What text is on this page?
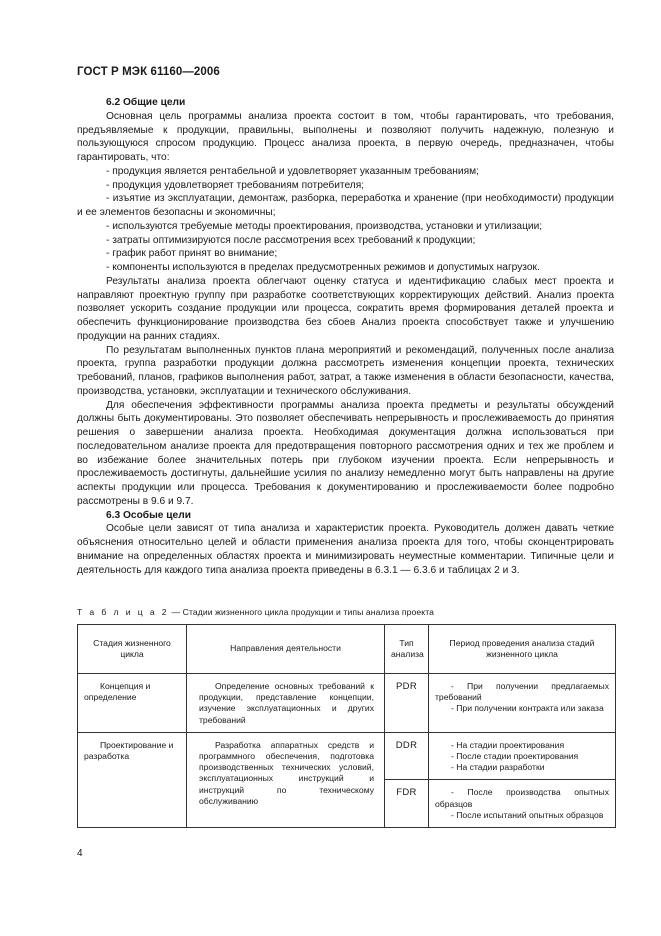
ГОСТ Р МЭК 61160—2006

6.2 Общие цели

Основная цель программы анализа проекта состоит в том, чтобы гарантировать, что требования, предъявляемые к продукции, правильны, выполнены и позволяют получить надежную, полезную и пользующуюся спросом продукцию. Процесс анализа проекта, в первую очередь, предназначен, чтобы гарантировать, что:

- продукция является рентабельной и удовлетворяет указанным требованиям;

- продукция удовлетворяет требованиям потребителя;

- изъятие из эксплуатации, демонтаж, разборка, переработка и хранение (при необходимости) продукции и ее элементов безопасны и экономичны;

- используются требуемые методы проектирования, производства, установки и утилизации;

- затраты оптимизируются после рассмотрения всех требований к продукции;

- график работ принят во внимание;

- компоненты используются в пределах предусмотренных режимов и допустимых нагрузок.

Результаты анализа проекта облегчают оценку статуса и идентификацию слабых мест проекта и направляют проектную группу при разработке соответствующих корректирующих действий. Анализ проекта позволяет ускорить создание продукции или процесса, сократить время формирования деталей проекта и обеспечить функционирование производства без сбоев Анализ проекта способствует также и улучшению продукции на ранних стадиях.

По результатам выполненных пунктов плана мероприятий и рекомендаций, полученных после анализа проекта, группа разработки продукции должна рассмотреть изменения концепции проекта, технических требований, планов, графиков выполнения работ, затрат, а также изменения в области безопасности, качества, производства, установки, эксплуатации и технического обслуживания.

Для обеспечения эффективности программы анализа проекта предметы и результаты обсуждений должны быть документированы. Это позволяет обеспечивать непрерывность и прослеживаемость до принятия решения о завершении анализа проекта. Необходимая документация должна использоваться при последовательном анализе проекта для предотвращения повторного рассмотрения одних и тех же проблем и во избежание более значительных потерь при глубоком изучении проекта. Если непрерывность и прослеживаемость достигнуты, дальнейшие усилия по анализу немедленно могут быть направлены на другие аспекты продукции или процесса. Требования к документированию и прослеживаемости более подробно рассмотрены в 9.6 и 9.7.

6.3 Особые цели

Особые цели зависят от типа анализа и характеристик проекта. Руководитель должен давать четкие объяснения относительно целей и области применения анализа проекта для того, чтобы сконцентрировать внимание на определенных областях проекта и минимизировать неуместные комментарии. Типичные цели и деятельность для каждого типа анализа проекта приведены в 6.3.1 — 6.3.6 и таблицах 2 и 3.

Т а б л и ц а 2 — Стадии жизненного цикла продукции и типы анализа проекта
Стадия жизненного цикла	Направления деятельности	Тип анализа	Период проведения анализа стадий жизненного цикла

Концепция и определение	Определение основных требований к продукции, представление концепции, изучение эксплуатационных и других требований	PDR	- При получении предлагаемых требований
- При получении контракта или заказа

Проектирование и разработка	Разработка аппаратных средств и программного обеспечения, подготовка производственных технических условий, эксплуатационных инструкций и инструкций по техническому обслуживанию	DDR	- На стадии проектирования
- После стадии проектирования
- На стадии разработки

		FDR	- После производства опытных образцов
- После испытаний опытных образцов
4
